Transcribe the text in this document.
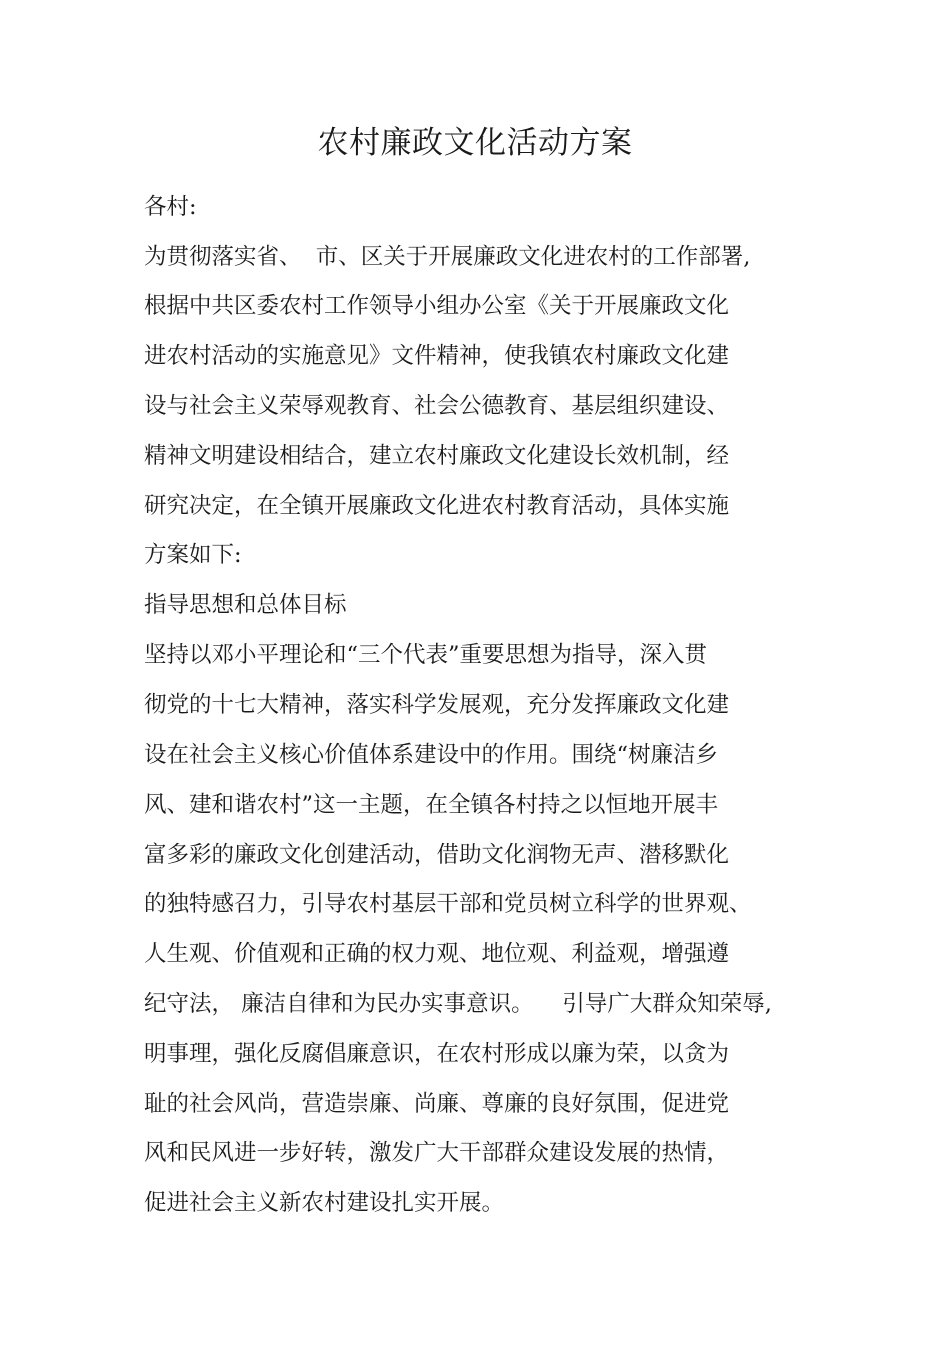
农村廉政文化活动方案

各村:

为贯彻落实省、  市、区关于开展廉政文化进农村的工作部署,

根据中共区委农村工作领导小组办公室《关于开展廉政文化

进农村活动的实施意见》文件精神，使我镇农村廉政文化建

设与社会主义荣辱观教育、社会公德教育、基层组织建设、

精神文明建设相结合，建立农村廉政文化建设长效机制，经

研究决定，在全镇开展廉政文化进农村教育活动，具体实施

方案如下:

指导思想和总体目标

坚持以邓小平理论和“三个代表”重要思想为指导，深入贯

彻党的十七大精神，落实科学发展观，充分发挥廉政文化建

设在社会主义核心价值体系建设中的作用。围绕“树廉洁乡

风、建和谐农村”这一主题，在全镇各村持之以恒地开展丰

富多彩的廉政文化创建活动，借助文化润物无声、潜移默化

的独特感召力，引导农村基层干部和党员树立科学的世界观、

人生观、价值观和正确的权力观、地位观、利益观，增强遵

纪守法， 廉洁自律和为民办实事意识。    引导广大群众知荣辱,

明事理，强化反腐倡廉意识，在农村形成以廉为荣，以贪为

耻的社会风尚，营造崇廉、尚廉、尊廉的良好氛围，促进党

风和民风进一步好转，激发广大干部群众建设发展的热情，

促进社会主义新农村建设扎实开展。
